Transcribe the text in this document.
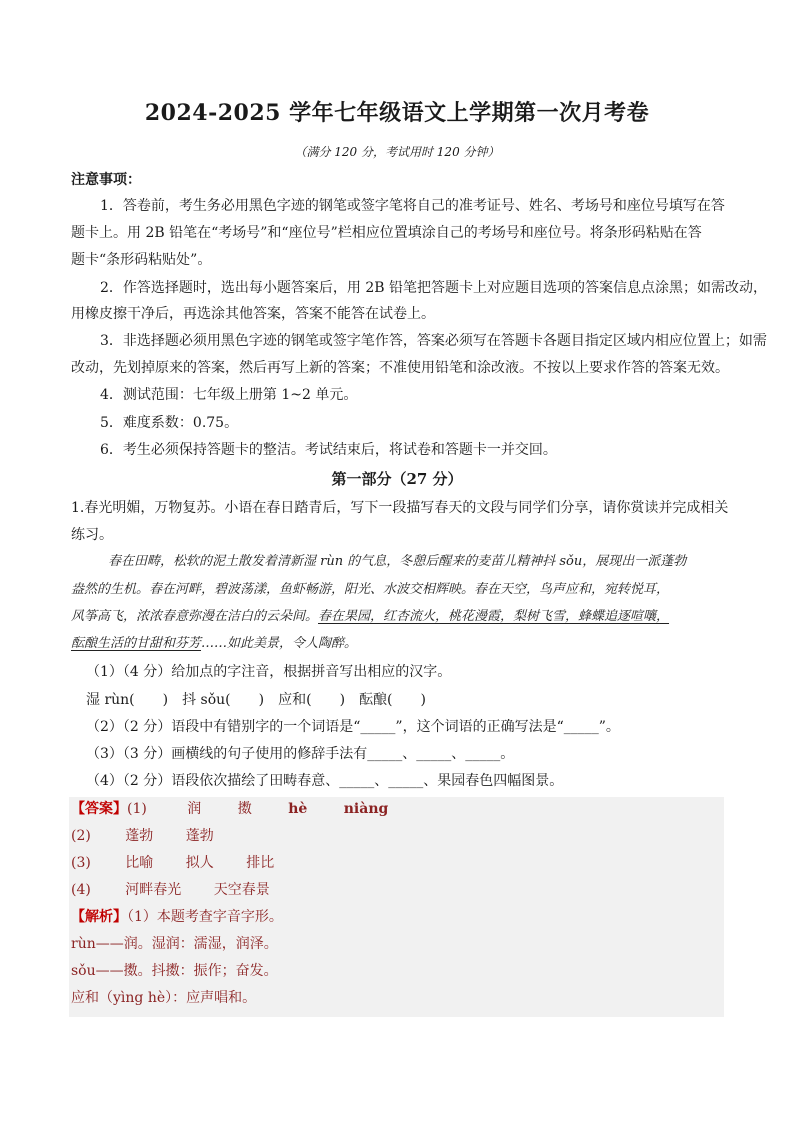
2024-2025 学年七年级语文上学期第一次月考卷
（满分 120 分，考试用时 120 分钟）
注意事项：
1．答卷前，考生务必用黑色字迹的钢笔或签字笔将自己的准考证号、姓名、考场号和座位号填写在答
题卡上。用 2B 铅笔在“考场号”和“座位号”栏相应位置填涂自己的考场号和座位号。将条形码粘贴在答
题卡“条形码粘贴处”。
2．作答选择题时，选出每小题答案后，用 2B 铅笔把答题卡上对应题目选项的答案信息点涂黑；如需改动，
用橡皮擦干净后，再选涂其他答案，答案不能答在试卷上。
3．非选择题必须用黑色字迹的钢笔或签字笔作答，答案必须写在答题卡各题目指定区域内相应位置上；如需
改动，先划掉原来的答案，然后再写上新的答案；不准使用铅笔和涂改液。不按以上要求作答的答案无效。
4．测试范围：七年级上册第 1~2 单元。
5．难度系数：0.75。
6．考生必须保持答题卡的整洁。考试结束后，将试卷和答题卡一并交回。
第一部分（27 分）
1.春光明媚，万物复苏。小语在春日踏青后，写下一段描写春天的文段与同学们分享，请你赏读并完成相关
练习。
春在田畴，松软的泥土散发着清新湿 rùn 的气息，冬憩后醒来的麦苗儿精神抖 sǒu，展现出一派蓬勃
盎然的生机。春在河畔，碧波荡漾，鱼虾畅游，阳光、水波交相辉映。春在天空，鸟声应和，宛转悦耳，
风筝高飞，浓浓春意弥漫在洁白的云朵间。春在果园，红杏流火，桃花漫霞，梨树飞雪，蜂蝶追逐喧嚷，
酝酿生活的甘甜和芬芳……如此美景，令人陶醉。
（1）（4 分）给加点的字注音，根据拼音写出相应的汉字。
湿 rùn(　　)　抖 sǒu(　　)　应和(　　)　酝酿(　　)
（2）（2 分）语段中有错别字的一个词语是“_____”，这个词语的正确写法是“_____”。
（3）（3 分）画横线的句子使用的修辞手法有_____、_____、_____。
（4）（2 分）语段依次描绘了田畴春意、_____、_____、果园春色四幅图景。
【答案】(1)	润	擞	hè	niàng
(2) 蓬勃 蓬勃
(3) 比喻 拟人 排比
(4) 河畔春光 天空春景
【解析】（1）本题考查字音字形。
rùn——润。湿润：濡湿，润泽。
sǒu——擞。抖擞：振作；奋发。
应和（yìng hè）：应声唱和。
